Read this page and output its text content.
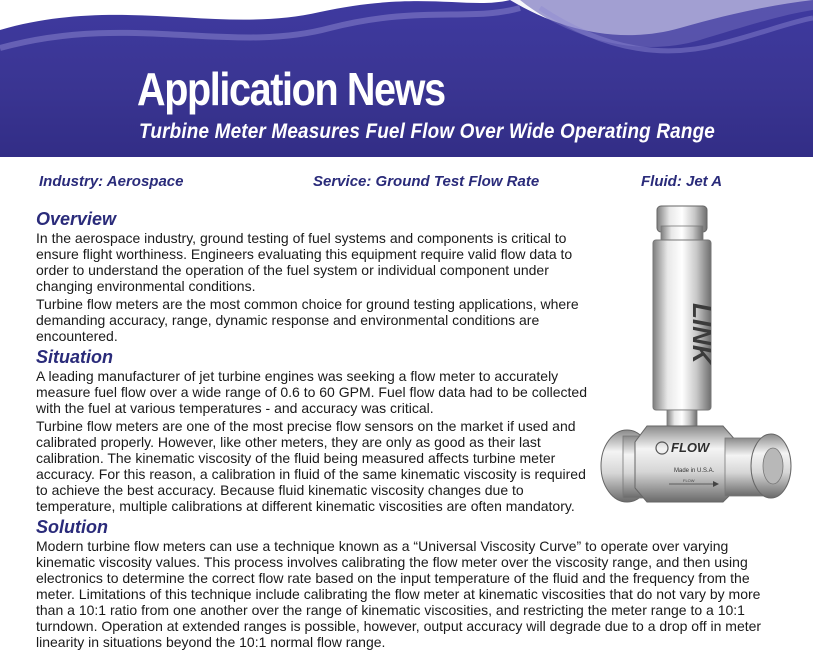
Application News
Turbine Meter Measures Fuel Flow Over Wide Operating Range
Industry: Aerospace	Service: Ground Test Flow Rate	Fluid: Jet A
Overview

In the aerospace industry, ground testing of fuel systems and components is critical to ensure flight worthiness. Engineers evaluating this equipment require valid flow data to order to understand the operation of the fuel system or individual component under changing environmental conditions.

Turbine flow meters are the most common choice for ground testing applications, where demanding accuracy, range, dynamic response and environmental conditions are encountered.

Situation

A leading manufacturer of jet turbine engines was seeking a flow meter to accurately measure fuel flow over a wide range of 0.6 to 60 GPM. Fuel flow data had to be collected with the fuel at various temperatures - and accuracy was critical.

Turbine flow meters are one of the most precise flow sensors on the market if used and calibrated properly. However, like other meters, they are only as good as their last calibration. The kinematic viscosity of the fluid being measured affects turbine meter accuracy. For this reason, a calibration in fluid of the same kinematic viscosity is required to achieve the best accuracy. Because fluid kinematic viscosity changes due to temperature, multiple calibrations at different kinematic viscosities are often mandatory.

Solution

Modern turbine flow meters can use a technique known as a “Universal Viscosity Curve” to operate over varying kinematic viscosity values. This process involves calibrating the flow meter over the viscosity range, and then using electronics to determine the correct flow rate based on the input temperature of the fluid and the frequency from the meter. Limitations of this technique include calibrating the flow meter at kinematic viscosities that do not vary by more than a 10:1 ratio from one another over the range of kinematic viscosities, and restricting the meter range to a 10:1 turndown. Operation at extended ranges is possible, however, output accuracy will degrade due to a drop off in meter linearity in situations beyond the 10:1 normal flow range.

LINK
FLOW
Made in U.S.A.
FLOW
